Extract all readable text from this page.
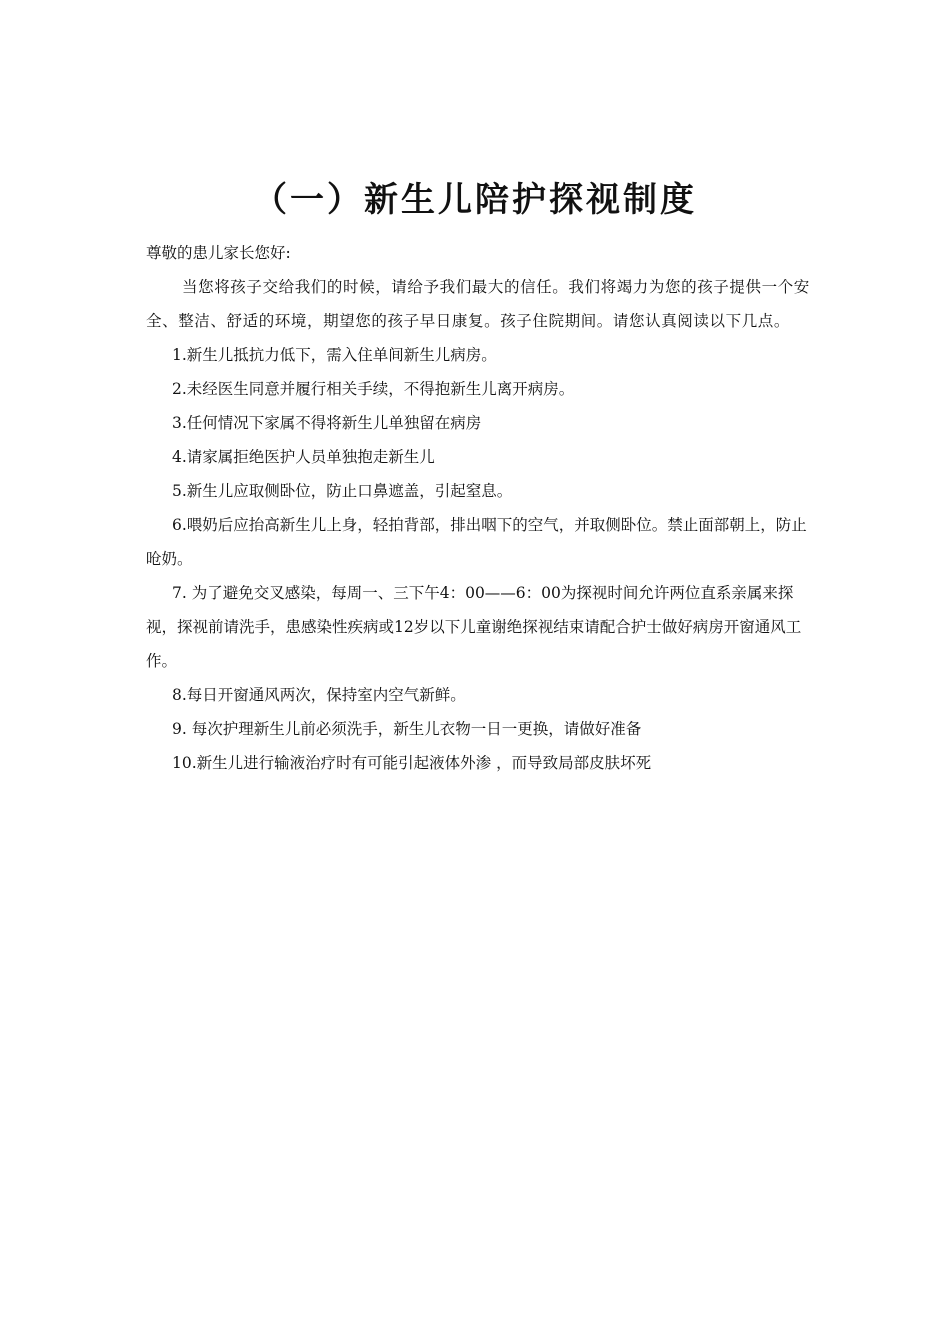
（一）新生儿陪护探视制度

尊敬的患儿家长您好:

当您将孩子交给我们的时候，请给予我们最大的信任。我们将竭力为您的孩子提供一个安全、整洁、舒适的环境，期望您的孩子早日康复。孩子住院期间。请您认真阅读以下几点。

1.新生儿抵抗力低下，需入住单间新生儿病房。

2.未经医生同意并履行相关手续，不得抱新生儿离开病房。

3.任何情况下家属不得将新生儿单独留在病房

4.请家属拒绝医护人员单独抱走新生儿

5.新生儿应取侧卧位，防止口鼻遮盖，引起窒息。

6.喂奶后应抬高新生儿上身，轻拍背部，排出咽下的空气，并取侧卧位。禁止面部朝上，防止呛奶。

7. 为了避免交叉感染，每周一、三下午4：00——6：00为探视时间允许两位直系亲属来探视，探视前请洗手，患感染性疾病或12岁以下儿童谢绝探视结束请配合护士做好病房开窗通风工作。

8.每日开窗通风两次，保持室内空气新鲜。

9. 每次护理新生儿前必须洗手，新生儿衣物一日一更换，请做好准备

10.新生儿进行输液治疗时有可能引起液体外渗 ，而导致局部皮肤坏死
